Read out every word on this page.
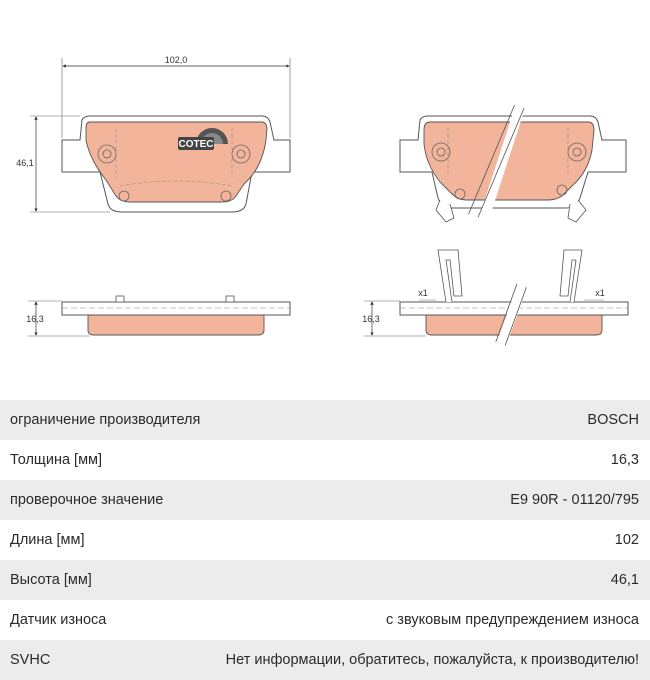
102,0
46,1
COTEC
16,3	16,3
x1	x1
ограничение производителя	BOSCH
Толщина [мм]	16,3
проверочное значение	E9 90R - 01120/795
Длина [мм]	102
Высота [мм]	46,1
Датчик износа	с звуковым предупреждением износа
SVHC	Нет информации, обратитесь, пожалуйста, к производителю!
